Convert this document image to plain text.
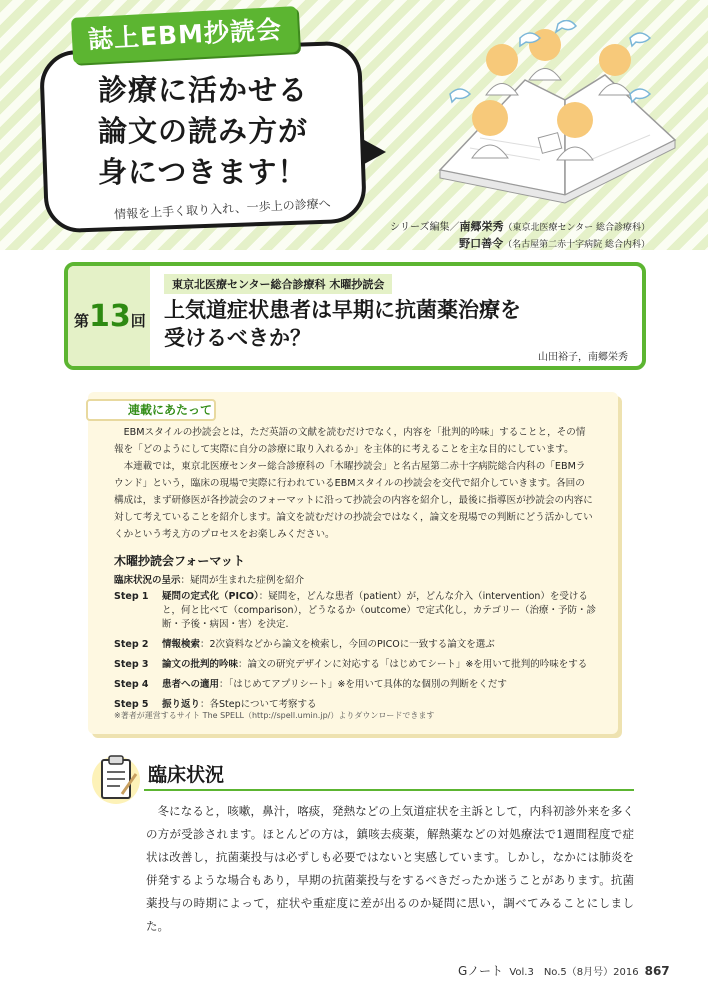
誌上EBM抄読会
診療に活かせる
論文の読み方が
身につきます！
情報を上手く取り入れ、一歩上の診療へ
シリーズ編集／南郷栄秀（東京北医療センター 総合診療科）
野口善令（名古屋第二赤十字病院 総合内科）
第13回
東京北医療センター総合診療科 木曜抄読会
上気道症状患者は早期に抗菌薬治療を
受けるべきか？
山田裕子，南郷栄秀
連載にあたって

EBMスタイルの抄読会とは，ただ英語の文献を読むだけでなく，内容を「批判的吟味」することと，その情報を「どのようにして実際に自分の診療に取り入れるか」を主体的に考えることを主な目的にしています。

本連載では，東京北医療センター総合診療科の「木曜抄読会」と名古屋第二赤十字病院総合内科の「EBMラウンド」という，臨床の現場で実際に行われているEBMスタイルの抄読会を交代で紹介していきます。各回の構成は，まず研修医が各抄読会のフォーマットに沿って抄読会の内容を紹介し，最後に指導医が抄読会の内容に対して考えていることを紹介します。論文を読むだけの抄読会ではなく，論文を現場での判断にどう活かしていくかという考え方のプロセスをお楽しみください。

木曜抄読会フォーマット
臨床状況の呈示：疑問が生まれた症例を紹介
Step 1 疑問の定式化（PICO）：疑問を，どんな患者（patient）が，どんな介入（intervention）を受けると，何と比べて（comparison），どうなるか（outcome）で定式化し，カテゴリー（治療・予防・診断・予後・病因・害）を決定.
Step 2 情報検索：2次資料などから論文を検索し，今回のPICOに一致する論文を選ぶ
Step 3 論文の批判的吟味：論文の研究デザインに対応する「はじめてシート」※を用いて批判的吟味をする
Step 4 患者への適用：「はじめてアプリシート」※を用いて具体的な個別の判断をくだす
Step 5 振り返り：各Stepについて考察する
※著者が運営するサイト The SPELL（http://spell.umin.jp/）よりダウンロードできます
臨床状況

冬になると，咳嗽，鼻汁，喀痰，発熱などの上気道症状を主訴として，内科初診外来を多くの方が受診されます。ほとんどの方は，鎮咳去痰薬，解熱薬などの対処療法で1週間程度で症状は改善し，抗菌薬投与は必ずしも必要ではないと実感しています。しかし，なかには肺炎を併発するような場合もあり，早期の抗菌薬投与をするべきだったか迷うことがあります。抗菌薬投与の時期によって，症状や重症度に差が出るのか疑問に思い，調べてみることにしました。

Gノート Vol.3　No.5（8月号）2016 867
